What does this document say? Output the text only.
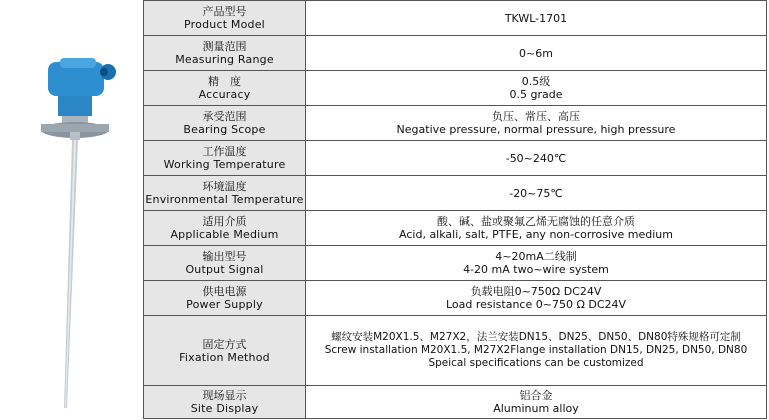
产品型号
Product Model	TKWL-1701

测量范围
Measuring Range	0~6m

精　度
Accuracy	0.5级
0.5 grade

承受范围
Bearing Scope	负压、常压、高压
Negative pressure, normal pressure, high pressure

工作温度
Working Temperature	-50~240℃

环境温度
Environmental Temperature	-20~75℃

适用介质
Applicable Medium	酸、碱、盐或聚氟乙烯无腐蚀的任意介质
Acid, alkali, salt, PTFE, any non-corrosive medium

输出型号
Output Signal	4~20mA二线制
4-20 mA two~wire system

供电电源
Power Supply	负载电阻0~750Ω DC24V
Load resistance 0~750 Ω DC24V

固定方式
Fixation Method	螺纹安装M20X1.5、M27X2，法兰安装DN15、DN25、DN50、DN80特殊规格可定制
Screw installation M20X1.5, M27X2Flange installation DN15, DN25, DN50, DN80
Speical specifications can be customized

现场显示
Site Display	铝合金
Aluminum alloy
